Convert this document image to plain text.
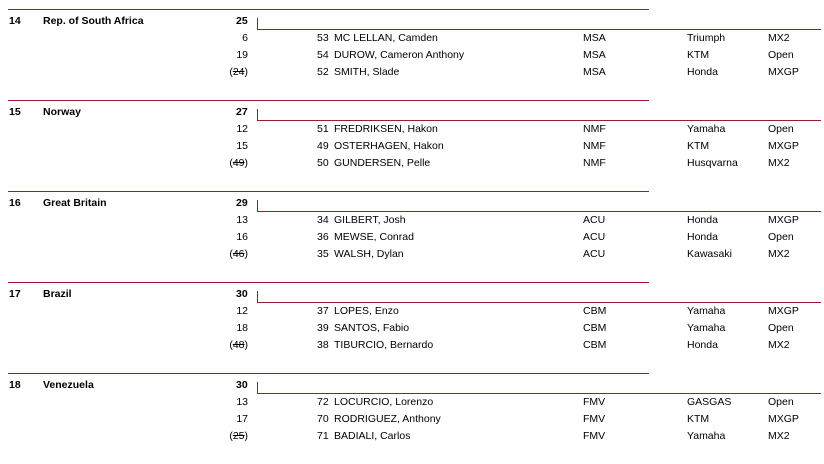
14 Rep. of South Africa	25
6	53 MC LELLAN, Camden	MSA	Triumph	MX2
19	54 DUROW, Cameron Anthony	MSA	KTM	Open
(24)	52 SMITH, Slade	MSA	Honda	MXGP
15 Norway	27
12	51 FREDRIKSEN, Hakon	NMF	Yamaha	Open
15	49 OSTERHAGEN, Hakon	NMF	KTM	MXGP
(49)	50 GUNDERSEN, Pelle	NMF	Husqvarna	MX2
16 Great Britain	29
13	34 GILBERT, Josh	ACU	Honda	MXGP
16	36 MEWSE, Conrad	ACU	Honda	Open
(46)	35 WALSH, Dylan	ACU	Kawasaki	MX2
17 Brazil	30
12	37 LOPES, Enzo	CBM	Yamaha	MXGP
18	39 SANTOS, Fabio	CBM	Yamaha	Open
(48)	38 TIBURCIO, Bernardo	CBM	Honda	MX2
18 Venezuela	30
13	72 LOCURCIO, Lorenzo	FMV	GASGAS	Open
17	70 RODRIGUEZ, Anthony	FMV	KTM	MXGP
(25)	71 BADIALI, Carlos	FMV	Yamaha	MX2
